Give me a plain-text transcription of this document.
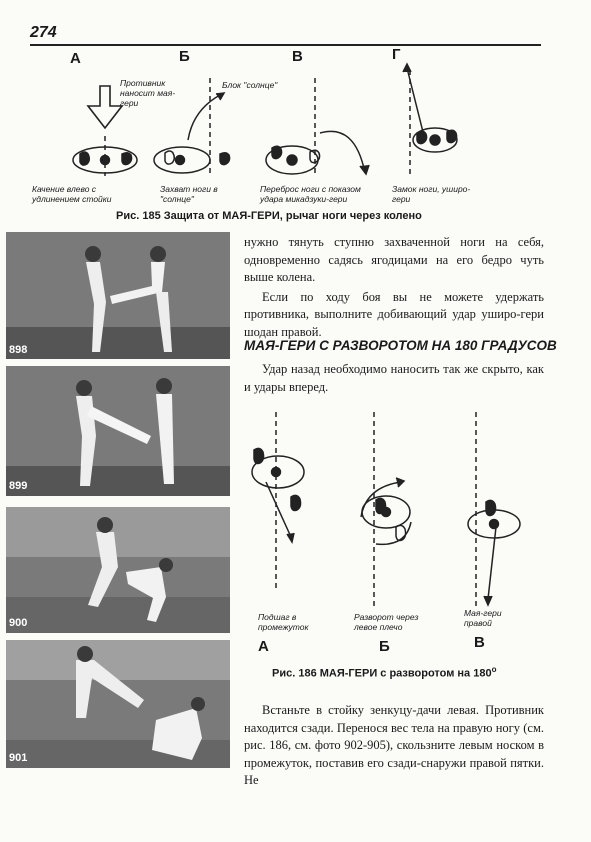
274
А	Б	В	Г
Противник наносит мая-гери
Блок "солнце"
Качение влево с удлинением стойки
Захват ноги в "солнце"
Переброс ноги с показом удара микадзуки-гери
Замок ноги, уширо-гери
Рис. 185 Защита от МАЯ-ГЕРИ, рычаг ноги через колено
898
899
900
901

нужно тянуть ступню захваченной ноги на себя, одновременно садясь ягодицами на его бедро чуть выше колена.

Если по ходу боя вы не можете удержать противника, выполните добивающий удар уширо-гери шодан правой.

МАЯ-ГЕРИ С РАЗВОРОТОМ НА 180 ГРАДУСОВ

Удар назад необходимо наносить так же скрыто, как и удары вперед.

Подшаг в промежуток
Разворот через левое плечо
Мая-гери правой
А	Б	В
Рис. 186 МАЯ-ГЕРИ с разворотом на $180^о$

Встаньте в стойку зенкуцу-дачи левая. Противник находится сзади. Перенося вес тела на правую ногу (см. рис. 186, см. фото 902-905), скользните левым носком в промежуток, поставив его сзади-снаружи правой пятки. Не
